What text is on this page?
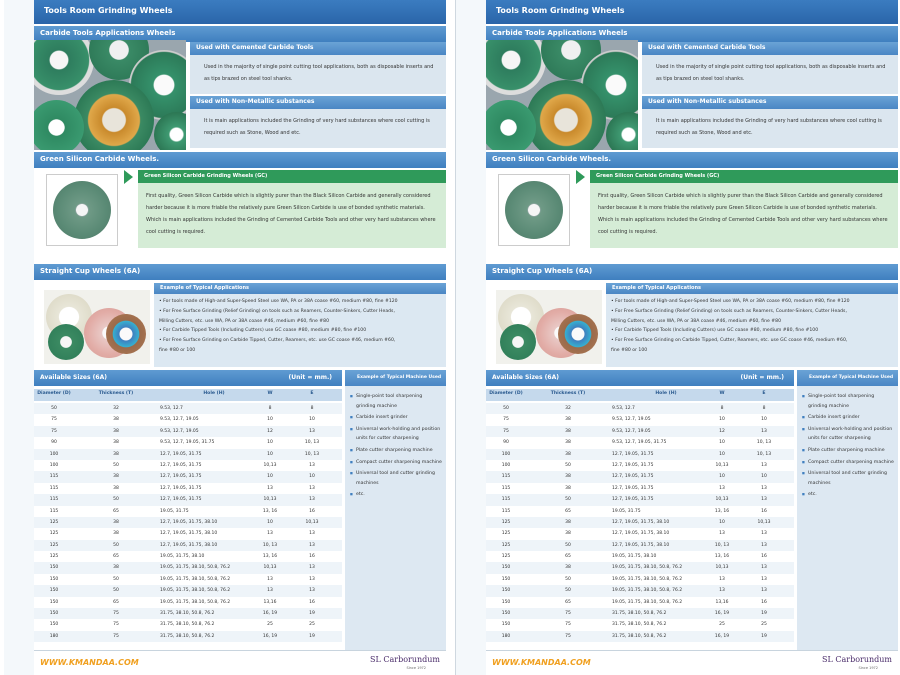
Tools Room Grinding Wheels
Carbide Tools Applications Wheels
Used with Cemented Carbide Tools
Used in the majority of single point cutting tool applications, both as disposable inserts and as tips brazed on steel tool shanks.
Used with Non-Metallic substances
It is main applications included the Grinding of very hard substances where cool cutting is required such as Stone, Wood and etc.
Green Silicon Carbide Wheels.
Green Silicon Carbide Grinding Wheels (GC)
First quality, Green Silicon Carbide which is slightly purer than the Black Silicon Carbide and generally considered harder because it is more friable the relatively pure Green Silicon Carbide is use of bonded synthetic materials. Which is main applications included the Grinding of Cemented Carbide Tools and other very hard substances where cool cutting is required.
Straight Cup Wheels (6A)
Example of Typical Applications
• For tools made of High-and Super-Speed Steel use WA, PA or 38A coase #60, medium #80, fine #120
• For Free Surface Grinding (Relief Grinding) on tools such as Reamers, Counter-Sinkers, Cutter Heads,
Milling Cutters, etc. use WA, PA or 38A coase #46, medium #60, fine #80
• For Carbide Tipped Tools (Including Cutters) use GC coase #80, medium #80, fine #100
• For Free Surface Grinding on Carbide Tipped, Cutter, Reamers, etc. use GC coase #46, medium #60,
fine #80 or 100
Available Sizes (6A)	(Unit = mm.)
Diameter (D)	Thickness (T)	Hole (H)	W	E
50	32	9.53, 12.7	8	8
75	38	9.53, 12.7, 19.05	10	10
75	38	9.53, 12.7, 19.05	12	13
90	38	9.53, 12.7, 19.05, 31.75	10	10, 13
100	38	12.7, 19.05, 31.75	10	10, 13
100	50	12.7, 19.05, 31.75	10,13	13
115	38	12.7, 19.05, 31.75	10	10
115	38	12.7, 19.05, 31.75	13	13
115	50	12.7, 19.05, 31.75	10,13	13
115	65	19.05, 31.75	13, 16	16
125	38	12.7, 19.05, 31.75, 38.10	10	10,13
125	38	12.7, 19.05, 31.75, 38.10	13	13
125	50	12.7, 19.05, 31.75, 38.10	10, 13	13
125	65	19.05, 31.75, 38.10	13, 16	16
150	38	19.05, 31.75, 38.10, 50.8, 76.2	10,13	13
150	50	19.05, 31.75, 38.10, 50.8, 76.2	13	13
150	50	19.05, 31.75, 38.10, 50.8, 76.2	13	13
150	65	19.05, 31.75, 38.10, 50.8, 76.2	13,16	16
150	75	31.75, 38.10, 50.8, 76.2	16, 19	19
150	75	31.75, 38.10, 50.8, 76.2	25	25
180	75	31.75, 38.10, 50.8, 76.2	16, 19	19
Example of Typical Machine Used
■ Single-point tool sharpening grinding machine
■ Carbide insert grinder
■ Universal work-holding and position units for cutter sharpening
■ Plate cutter sharpening machine
■ Compact cutter sharpening machine
■ Universal tool and cutter grinding machines
■ etc.
WWW.KMANDAA.COM	SL Carborundum
Since 1972
Tools Room Grinding Wheels
Carbide Tools Applications Wheels
Used with Cemented Carbide Tools
Used in the majority of single point cutting tool applications, both as disposable inserts and as tips brazed on steel tool shanks.
Used with Non-Metallic substances
It is main applications included the Grinding of very hard substances where cool cutting is required such as Stone, Wood and etc.
Green Silicon Carbide Wheels.
Green Silicon Carbide Grinding Wheels (GC)
First quality, Green Silicon Carbide which is slightly purer than the Black Silicon Carbide and generally considered harder because it is more friable the relatively pure Green Silicon Carbide is use of bonded synthetic materials. Which is main applications included the Grinding of Cemented Carbide Tools and other very hard substances where cool cutting is required.
Straight Cup Wheels (6A)
Example of Typical Applications
• For tools made of High-and Super-Speed Steel use WA, PA or 38A coase #60, medium #80, fine #120
• For Free Surface Grinding (Relief Grinding) on tools such as Reamers, Counter-Sinkers, Cutter Heads,
Milling Cutters, etc. use WA, PA or 38A coase #46, medium #60, fine #80
• For Carbide Tipped Tools (Including Cutters) use GC coase #80, medium #80, fine #100
• For Free Surface Grinding on Carbide Tipped, Cutter, Reamers, etc. use GC coase #46, medium #60,
fine #80 or 100
Available Sizes (6A)	(Unit = mm.)
Diameter (D)	Thickness (T)	Hole (H)	W	E
50	32	9.53, 12.7	8	8
75	38	9.53, 12.7, 19.05	10	10
75	38	9.53, 12.7, 19.05	12	13
90	38	9.53, 12.7, 19.05, 31.75	10	10, 13
100	38	12.7, 19.05, 31.75	10	10, 13
100	50	12.7, 19.05, 31.75	10,13	13
115	38	12.7, 19.05, 31.75	10	10
115	38	12.7, 19.05, 31.75	13	13
115	50	12.7, 19.05, 31.75	10,13	13
115	65	19.05, 31.75	13, 16	16
125	38	12.7, 19.05, 31.75, 38.10	10	10,13
125	38	12.7, 19.05, 31.75, 38.10	13	13
125	50	12.7, 19.05, 31.75, 38.10	10, 13	13
125	65	19.05, 31.75, 38.10	13, 16	16
150	38	19.05, 31.75, 38.10, 50.8, 76.2	10,13	13
150	50	19.05, 31.75, 38.10, 50.8, 76.2	13	13
150	50	19.05, 31.75, 38.10, 50.8, 76.2	13	13
150	65	19.05, 31.75, 38.10, 50.8, 76.2	13,16	16
150	75	31.75, 38.10, 50.8, 76.2	16, 19	19
150	75	31.75, 38.10, 50.8, 76.2	25	25
180	75	31.75, 38.10, 50.8, 76.2	16, 19	19
Example of Typical Machine Used
■ Single-point tool sharpening grinding machine
■ Carbide insert grinder
■ Universal work-holding and position units for cutter sharpening
■ Plate cutter sharpening machine
■ Compact cutter sharpening machine
■ Universal tool and cutter grinding machines
■ etc.
WWW.KMANDAA.COM	SL Carborundum
Since 1972
